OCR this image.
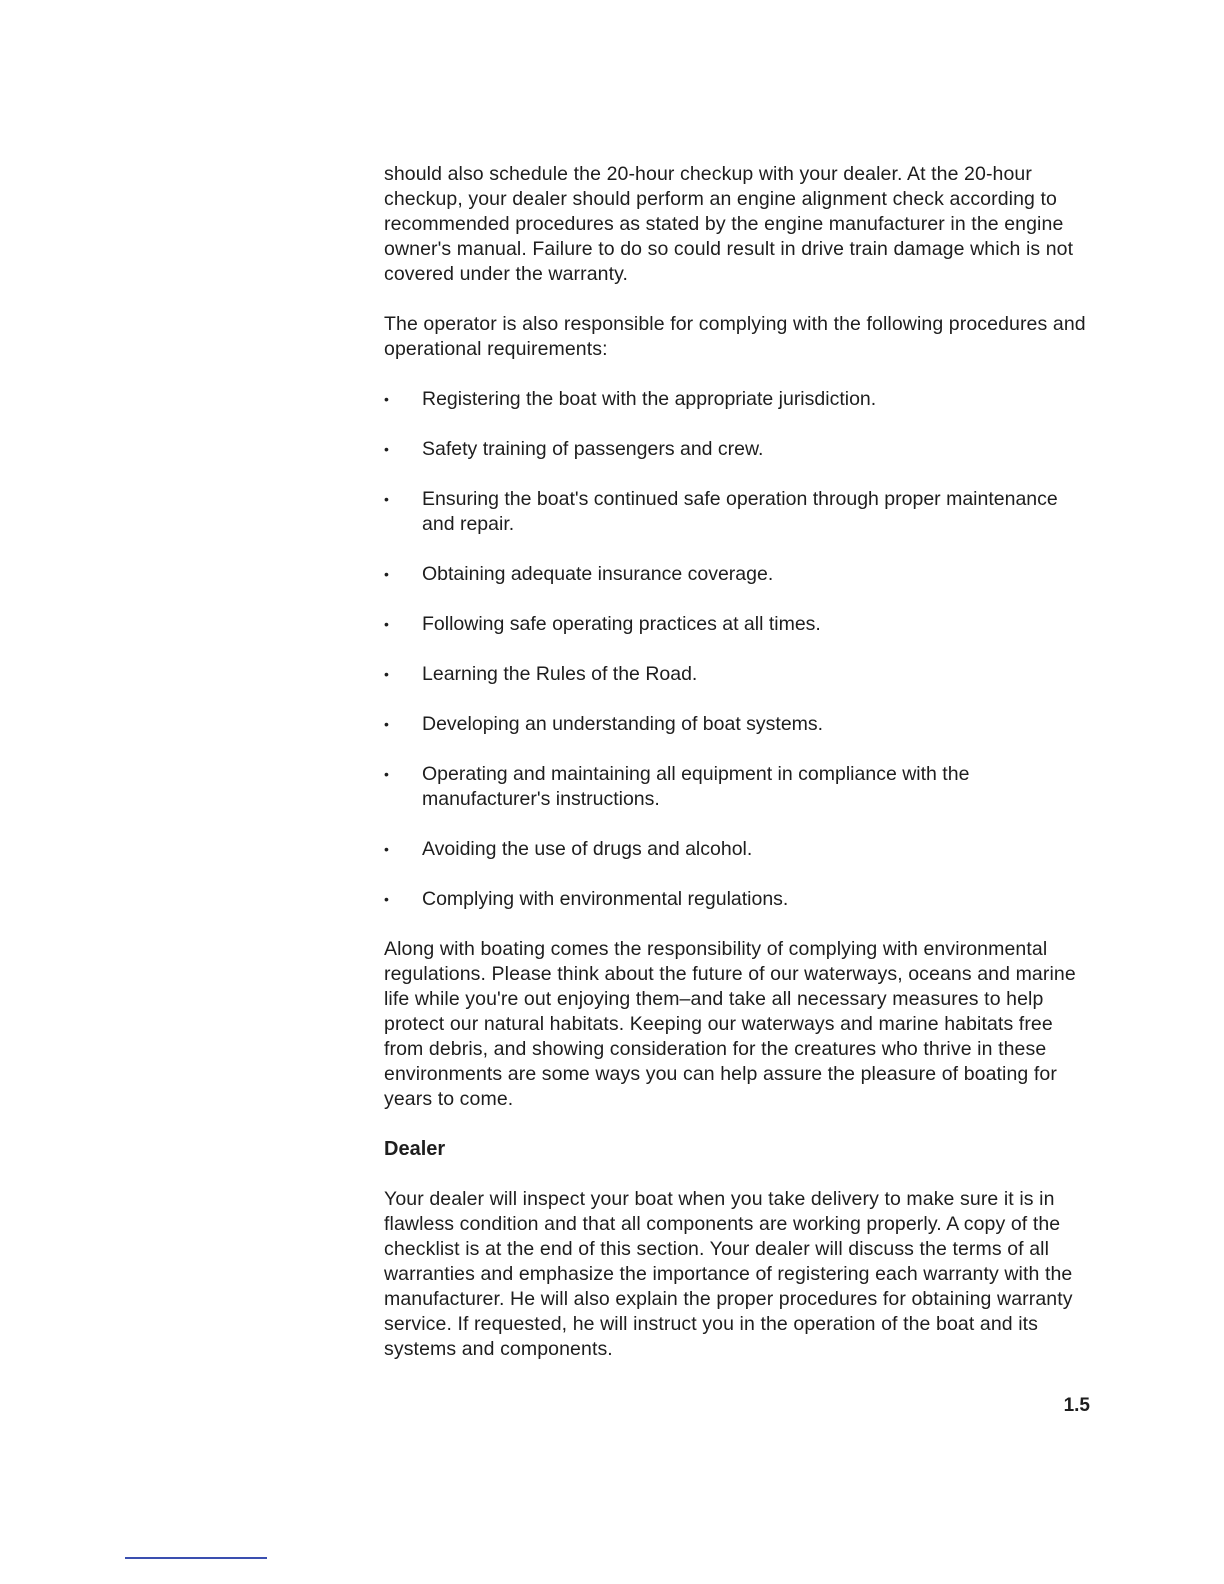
should also schedule the 20-hour checkup with your dealer. At the 20-hour checkup, your dealer should perform an engine alignment check according to recommended procedures as stated by the engine manufacturer in the engine owner's manual. Failure to do so could result in drive train damage which is not covered under the warranty.

The operator is also responsible for complying with the following procedures and operational requirements:

• Registering the boat with the appropriate jurisdiction.
• Safety training of passengers and crew.
• Ensuring the boat's continued safe operation through proper maintenance and repair.
• Obtaining adequate insurance coverage.
• Following safe operating practices at all times.
• Learning the Rules of the Road.
• Developing an understanding of boat systems.
• Operating and maintaining all equipment in compliance with the manufacturer's instructions.
• Avoiding the use of drugs and alcohol.
• Complying with environmental regulations.

Along with boating comes the responsibility of complying with environmental regulations. Please think about the future of our waterways, oceans and marine life while you're out enjoying them–and take all necessary measures to help protect our natural habitats. Keeping our waterways and marine habitats free from debris, and showing consideration for the creatures who thrive in these environments are some ways you can help assure the pleasure of boating for years to come.

Dealer

Your dealer will inspect your boat when you take delivery to make sure it is in flawless condition and that all components are working properly. A copy of the checklist is at the end of this section. Your dealer will discuss the terms of all warranties and emphasize the importance of registering each warranty with the manufacturer. He will also explain the proper procedures for obtaining warranty service. If requested, he will instruct you in the operation of the boat and its systems and components.

1.5
